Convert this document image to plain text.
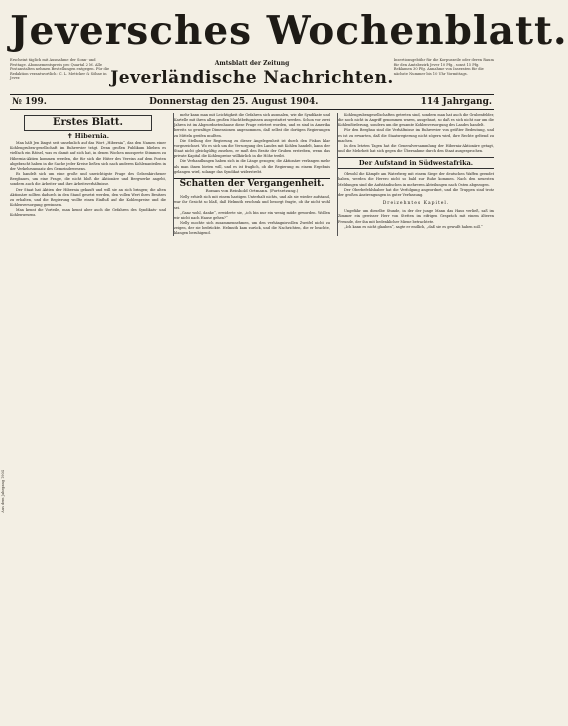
Jeversches Wochenblatt.
Erscheint täglich mit Ausnahme der Sonn- und Festtage. Abonnementspreis pro Quartal 2 M. Alle Postanstalten nehmen Bestellungen entgegen. Für die Redaktion verantwortlich: C. L. Mettcker & Söhne in Jever.
Amtsblatt der Zeitung
Jeverländische Nachrichten.
Insertionsgebühr für die Korpuszeile oder deren Raum für den Amtsbezirk Jever 10 Pfg., sonst 15 Pfg. Reklamen 30 Pfg. Annahme von Inseraten für die nächste Nummer bis 10 Uhr Vormittags.
№ 199.	Donnerstag den 25. August 1904.	114 Jahrgang.
Erstes Blatt.
✝ Hibernia.

Man hält Jen längst seit unsehnlich auf das Wort „Hibernia“, das den Namen einer Kohlengruben-gesellschaft im Ruhrrevier trägt. Denn großen Publikum blieben es vielfach ein Rätsel, was es damit auf sich hat, in denen Wochen mussperte Stimmen zu Hibernia-Aktien kommen werden, die für sich die Hüter des Vereins auf dem Posten abgebracht haben in die Sache jeder Kreise ließen sich nach anderen Kohlenanteilen in der Verkehrsumsatz des Gemeindewesens.

Es handelt sich um eine große und unwichtigste Frage des Gelsenkirchener Bergbaues, um eine Frage, die nicht bloß die Aktionäre und Bergwerke angeht, sondern auch die Arbeiter und ihre Arbeitsverhältnisse.

Der Staat hat Aktien der Hibernia gekauft und will sie an sich bringen; die alten Aktionäre sollten dadurch in den Stand gesetzt werden, den vollen Wert ihres Besitzes zu erhalten, und die Regierung wollte einen Einfluß auf die Kohlenpreise und die Kohlenversorgung gewinnen.

Man kennt die Vorteile, man kennt aber auch die Gefahren des Syndikats- und Kohlenwesens.

mehr kann man mit Leichtigkeit die Gefahren sich ausmalen, wie die Syndikate und Kartelle mit ihren allzu großen Machtbefugnissen ausgestattet werden. Schon vor zwei Jahren ist im Abgeordnetenhause diese Frage erörtert worden, und es sind in Amerika bereits so gewaltige Dimensionen angenommen, daß selbst die dortigen Regierungen zu Mitteln greifen mußten.

Die Stellung der Regierung zu dieser Angelegenheit ist durch den Fiskus klar vorgezeichnet. Wo es sich um die Versorgung des Landes mit Kohlen handelt, kann der Staat nicht gleichgültig zusehen, er muß den Besitz der Gruben erstreben, wenn das private Kapital die Kohlenpreise willkürlich in die Höhe treibt.

Die Verhandlungen haben sich in die Länge gezogen; die Aktionäre verlangen mehr als man ihnen bieten will, und es ist fraglich, ob die Regierung zu einem Ergebnis gelangen wird, solange das Syndikat widerstrebt.

Schatten der Vergangenheit.
Roman von Reinhold Ortmann. (Fortsetzung.)

Nelly erhielt sich mit einem hastigen Unterhalt nichts, und als sie wieder aufstand, war ihr Gesicht so blaß, daß Helmuth erschrak und besorgt fragte, ob ihr nicht wohl sei.

„Ganz wohl, danke“, erwiderte sie, „ich bin nur ein wenig müde geworden. Wollen wir nicht nach Hause gehen?“

Nelly mochte sich zusammennehmen, um den verhängnisvollen Zweifel nicht zu zeigen, der sie bedrückte. Helmuth kam zurück, und die Nachrichten, die er brachte, klangen beruhigend.

Kohlengrubengesellschaften getreten sind, sondern man hat auch die Grubenfelder, die noch nicht in Angriff genommen waren, ausgebaut, so daß es sich nicht nur um die Kohlenförderung, sondern um die gesamte Kohlenversorgung des Landes handelt.

Für den Bergbau sind die Verhältnisse im Ruhrrevier von größter Bedeutung, und es ist zu erwarten, daß die Staatsregierung nicht zögern wird, ihre Rechte geltend zu machen.

In den letzten Tagen hat die Generalversammlung der Hibernia-Aktionäre getagt, und die Mehrheit hat sich gegen die Übernahme durch den Staat ausgesprochen.

Der Aufstand in Südwestafrika.

Obwohl die Kämpfe am Waterberg mit einem Siege der deutschen Waffen geendet haben, werden die Herero nicht so bald zur Ruhe kommen. Nach den neuesten Meldungen sind die Aufständischen in mehreren Abteilungen nach Osten abgezogen.

Der Oberbefehlshaber hat die Verfolgung angeordnet, und die Truppen sind trotz der großen Anstrengungen in guter Verfassung.

Dreizehntes Kapitel.

Ungefähr um dieselbe Stunde, in der der junge Mann das Haus verließ, saß im Zimmer ein gewisser Herr von Stetten im eifrigen Gespräch mit einem älteren Freunde, der ihn mit bedenklicher Miene betrachtete.

„Ich kann es nicht glauben“, sagte er endlich, „daß sie es gewußt haben soll.“

Aus dem Jahrgang 1904
